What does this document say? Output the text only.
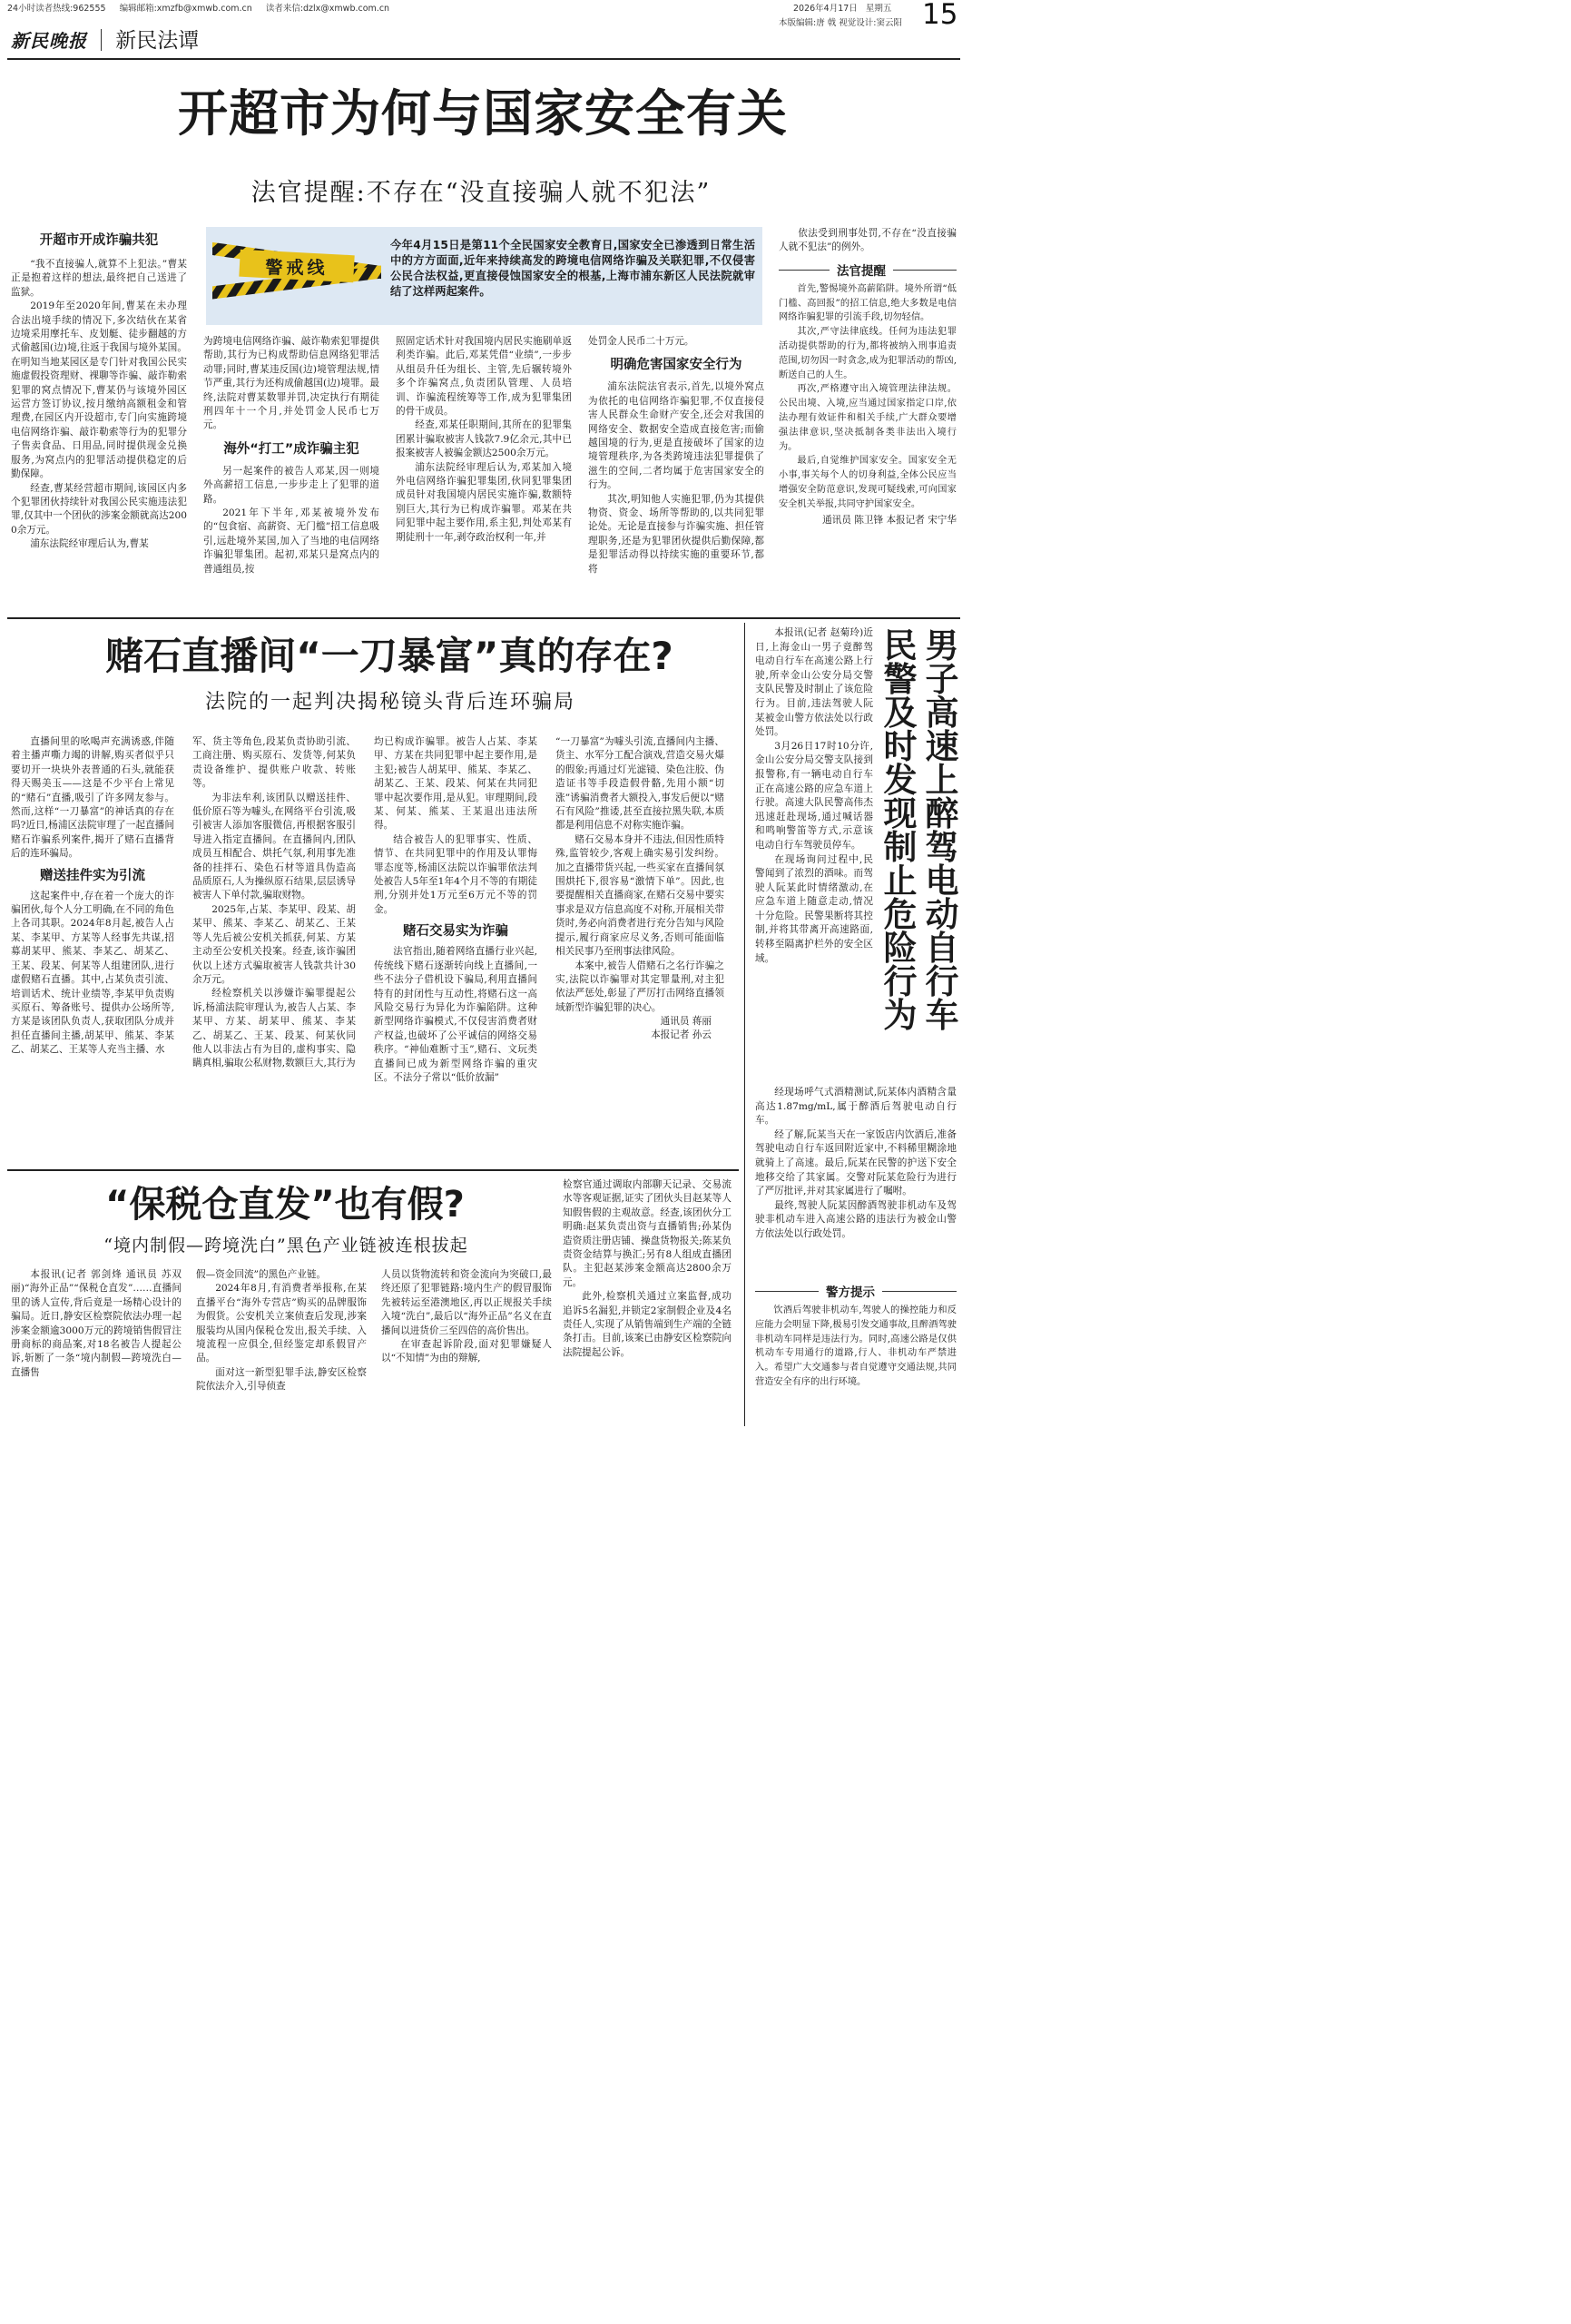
24小时读者热线:962555 编辑邮箱:xmzfb@xmwb.com.cn 读者来信:dzlx@xmwb.com.cn	2026年4月17日 星期五
本版编辑:唐 戟 视觉设计:窦云阳 15
新民晚报 新民法谭
开超市为何与国家安全有关
法官提醒:不存在“没直接骗人就不犯法”
警戒线
今年4月15日是第11个全民国家安全教育日,国家安全已渗透到日常生活中的方方面面,近年来持续高发的跨境电信网络诈骗及关联犯罪,不仅侵害公民合法权益,更直接侵蚀国家安全的根基,上海市浦东新区人民法院就审结了这样两起案件。
开超市开成诈骗共犯

“我不直接骗人,就算不上犯法。”曹某正是抱着这样的想法,最终把自己送进了监狱。

2019年至2020年间,曹某在未办理合法出境手续的情况下,多次结伙在某省边境采用摩托车、皮划艇、徒步翻越的方式偷越国(边)境,往返于我国与境外某国。在明知当地某园区是专门针对我国公民实施虚假投资理财、裸聊等诈骗、敲诈勒索犯罪的窝点情况下,曹某仍与该境外园区运营方签订协议,按月缴纳高额租金和管理费,在园区内开设超市,专门向实施跨境电信网络诈骗、敲诈勒索等行为的犯罪分子售卖食品、日用品,同时提供现金兑换服务,为窝点内的犯罪活动提供稳定的后勤保障。

经查,曹某经营超市期间,该园区内多个犯罪团伙持续针对我国公民实施违法犯罪,仅其中一个团伙的涉案金额就高达2000余万元。

浦东法院经审理后认为,曹某

为跨境电信网络诈骗、敲诈勒索犯罪提供帮助,其行为已构成帮助信息网络犯罪活动罪;同时,曹某违反国(边)境管理法规,情节严重,其行为还构成偷越国(边)境罪。最终,法院对曹某数罪并罚,决定执行有期徒刑四年十一个月,并处罚金人民币七万元。

海外“打工”成诈骗主犯

另一起案件的被告人邓某,因一则境外高薪招工信息,一步步走上了犯罪的道路。

2021年下半年,邓某被境外发布的“包食宿、高薪资、无门槛”招工信息吸引,远赴境外某国,加入了当地的电信网络诈骗犯罪集团。起初,邓某只是窝点内的普通组员,按

照固定话术针对我国境内居民实施刷单返利类诈骗。此后,邓某凭借“业绩”,一步步从组员升任为组长、主管,先后辗转境外多个诈骗窝点,负责团队管理、人员培训、诈骗流程统筹等工作,成为犯罪集团的骨干成员。

经查,邓某任职期间,其所在的犯罪集团累计骗取被害人钱款7.9亿余元,其中已报案被害人被骗金额达2500余万元。

浦东法院经审理后认为,邓某加入境外电信网络诈骗犯罪集团,伙同犯罪集团成员针对我国境内居民实施诈骗,数额特别巨大,其行为已构成诈骗罪。邓某在共同犯罪中起主要作用,系主犯,判处邓某有期徒刑十一年,剥夺政治权利一年,并

处罚金人民币二十万元。

明确危害国家安全行为

浦东法院法官表示,首先,以境外窝点为依托的电信网络诈骗犯罪,不仅直接侵害人民群众生命财产安全,还会对我国的网络安全、数据安全造成直接危害;而偷越国境的行为,更是直接破坏了国家的边境管理秩序,为各类跨境违法犯罪提供了滋生的空间,二者均属于危害国家安全的行为。

其次,明知他人实施犯罪,仍为其提供物资、资金、场所等帮助的,以共同犯罪论处。无论是直接参与诈骗实施、担任管理职务,还是为犯罪团伙提供后勤保障,都是犯罪活动得以持续实施的重要环节,都将

依法受到刑事处罚,不存在“没直接骗人就不犯法”的例外。

法官提醒

首先,警惕境外高薪陷阱。境外所谓“低门槛、高回报”的招工信息,绝大多数是电信网络诈骗犯罪的引流手段,切勿轻信。

其次,严守法律底线。任何为违法犯罪活动提供帮助的行为,都将被纳入刑事追责范围,切勿因一时贪念,成为犯罪活动的帮凶,断送自己的人生。

再次,严格遵守出入境管理法律法规。公民出境、入境,应当通过国家指定口岸,依法办理有效证件和相关手续,广大群众要增强法律意识,坚决抵制各类非法出入境行为。

最后,自觉维护国家安全。国家安全无小事,事关每个人的切身利益,全体公民应当增强安全防范意识,发现可疑线索,可向国家安全机关举报,共同守护国家安全。

通讯员 陈卫锋 本报记者 宋宁华
赌石直播间“一刀暴富”真的存在?
法院的一起判决揭秘镜头背后连环骗局

直播间里的吆喝声充满诱惑,伴随着主播声嘶力竭的讲解,购买者似乎只要切开一块块外表普通的石头,就能获得天赐美玉——这是不少平台上常见的“赌石”直播,吸引了许多网友参与。然而,这样“一刀暴富”的神话真的存在吗?近日,杨浦区法院审理了一起直播间赌石诈骗系列案件,揭开了赌石直播背后的连环骗局。

赠送挂件实为引流

这起案件中,存在着一个庞大的诈骗团伙,每个人分工明确,在不同的角色上各司其职。2024年8月起,被告人占某、李某甲、方某等人经事先共谋,招募胡某甲、熊某、李某乙、胡某乙、王某、段某、何某等人组建团队,进行虚假赌石直播。其中,占某负责引流、培训话术、统计业绩等,李某甲负责购买原石、筹备账号、提供办公场所等,方某是该团队负责人,获取团队分成并担任直播间主播,胡某甲、熊某、李某乙、胡某乙、王某等人充当主播、水

军、货主等角色,段某负责协助引流、工商注册、购买原石、发货等,何某负责设备维护、提供账户收款、转账等。

为非法牟利,该团队以赠送挂件、低价原石等为噱头,在网络平台引流,吸引被害人添加客服微信,再根据客服引导进入指定直播间。在直播间内,团队成员互相配合、烘托气氛,利用事先准备的挂拌石、染色石材等道具伪造高品质原石,人为操纵原石结果,层层诱导被害人下单付款,骗取财物。

2025年,占某、李某甲、段某、胡某甲、熊某、李某乙、胡某乙、王某等人先后被公安机关抓获,何某、方某主动至公安机关投案。经查,该诈骗团伙以上述方式骗取被害人钱款共计30余万元。

经检察机关以涉嫌诈骗罪提起公诉,杨浦法院审理认为,被告人占某、李某甲、方某、胡某甲、熊某、李某乙、胡某乙、王某、段某、何某伙同他人以非法占有为目的,虚构事实、隐瞒真相,骗取公私财物,数额巨大,其行为

均已构成诈骗罪。被告人占某、李某甲、方某在共同犯罪中起主要作用,是主犯;被告人胡某甲、熊某、李某乙、胡某乙、王某、段某、何某在共同犯罪中起次要作用,是从犯。审理期间,段某、何某、熊某、王某退出违法所得。

结合被告人的犯罪事实、性质、情节、在共同犯罪中的作用及认罪悔罪态度等,杨浦区法院以诈骗罪依法判处被告人5年至1年4个月不等的有期徒刑,分别并处1万元至6万元不等的罚金。

赌石交易实为诈骗

法官指出,随着网络直播行业兴起,传统线下赌石逐渐转向线上直播间,一些不法分子借机设下骗局,利用直播间特有的封闭性与互动性,将赌石这一高风险交易行为异化为诈骗陷阱。这种新型网络诈骗模式,不仅侵害消费者财产权益,也破坏了公平诚信的网络交易秩序。“神仙难断寸玉”,赌石、文玩类直播间已成为新型网络诈骗的重灾区。不法分子常以“低价放漏”

“一刀暴富”为噱头引流,直播间内主播、货主、水军分工配合演戏,营造交易火爆的假象;再通过灯光滤镜、染色注胶、伪造证书等手段造假骨骼,先用小额“切涨”诱骗消费者大额投入,事发后便以“赌石有风险”推诿,甚至直接拉黑失联,本质都是利用信息不对称实施诈骗。

赌石交易本身并不违法,但因性质特殊,监管较少,客观上确实易引发纠纷。加之直播带货兴起,一些买家在直播间氛围烘托下,很容易“激情下单”。因此,也要提醒相关直播商家,在赌石交易中要实事求是双方信息高度不对称,开展相关带货时,务必向消费者进行充分告知与风险提示,履行商家应尽义务,否则可能面临相关民事乃至刑事法律风险。

本案中,被告人借赌石之名行诈骗之实,法院以诈骗罪对其定罪量刑,对主犯依法严惩处,彰显了严厉打击网络直播领域新型诈骗犯罪的决心。

通讯员 蒋丽
本报记者 孙云
“保税仓直发”也有假?
“境内制假—跨境洗白”黑色产业链被连根拔起

本报讯(记者 郭剑烽 通讯员 苏双丽)“海外正品”“保税仓直发”……直播间里的诱人宣传,背后竟是一场精心设计的骗局。近日,静安区检察院依法办理一起涉案金额逾3000万元的跨境销售假冒注册商标的商品案,对18名被告人提起公诉,斩断了一条“境内制假—跨境洗白—直播售

假—资金回流”的黑色产业链。

2024年8月,有消费者举报称,在某直播平台“海外专营店”购买的品牌服饰为假货。公安机关立案侦查后发现,涉案服装均从国内保税仓发出,报关手续、入境流程一应俱全,但经鉴定却系假冒产品。

面对这一新型犯罪手法,静安区检察院依法介入,引导侦查

人员以货物流转和资金流向为突破口,最终还原了犯罪链路:境内生产的假冒服饰先被转运至港澳地区,再以正规报关手续入境“洗白”,最后以“海外正品”名义在直播间以进货价三至四倍的高价售出。

在审查起诉阶段,面对犯罪嫌疑人以“不知情”为由的辩解,

检察官通过调取内部聊天记录、交易流水等客观证据,证实了团伙头目赵某等人知假售假的主观故意。经查,该团伙分工明确:赵某负责出资与直播销售;孙某伪造资质注册店铺、操盘货物报关;陈某负责资金结算与换汇;另有8人组成直播团队。主犯赵某涉案金额高达2800余万元。

此外,检察机关通过立案监督,成功追诉5名漏犯,并锁定2家制假企业及4名责任人,实现了从销售端到生产端的全链条打击。目前,该案已由静安区检察院向法院提起公诉。

男子高速上醉驾电动自行车
民警及时发现制止危险行为

本报讯(记者 赵菊玲)近日,上海金山一男子竟醉驾电动自行车在高速公路上行驶,所幸金山公安分局交警支队民警及时制止了该危险行为。目前,违法驾驶人阮某被金山警方依法处以行政处罚。

3月26日17时10分许,金山公安分局交警支队接到报警称,有一辆电动自行车正在高速公路的应急车道上行驶。高速大队民警高伟杰迅速赶赴现场,通过喊话器和鸣响警笛等方式,示意该电动自行车驾驶员停车。

在现场询问过程中,民警闻到了浓烈的酒味。而驾驶人阮某此时情绪激动,在应急车道上随意走动,情况十分危险。民警果断将其控制,并将其带离开高速路面,转移至隔离护栏外的安全区域。

经现场呼气式酒精测试,阮某体内酒精含量高达1.87mg/mL,属于醉酒后驾驶电动自行车。

经了解,阮某当天在一家饭店内饮酒后,准备驾驶电动自行车返回附近家中,不料稀里糊涂地就骑上了高速。最后,阮某在民警的护送下安全地移交给了其家属。交警对阮某危险行为进行了严厉批评,并对其家属进行了嘱咐。

最终,驾驶人阮某因醉酒驾驶非机动车及驾驶非机动车进入高速公路的违法行为被金山警方依法处以行政处罚。

警方提示

饮酒后驾驶非机动车,驾驶人的操控能力和反应能力会明显下降,极易引发交通事故,且醉酒驾驶非机动车同样是违法行为。同时,高速公路是仅供机动车专用通行的道路,行人、非机动车严禁进入。希望广大交通参与者自觉遵守交通法规,共同营造安全有序的出行环境。
